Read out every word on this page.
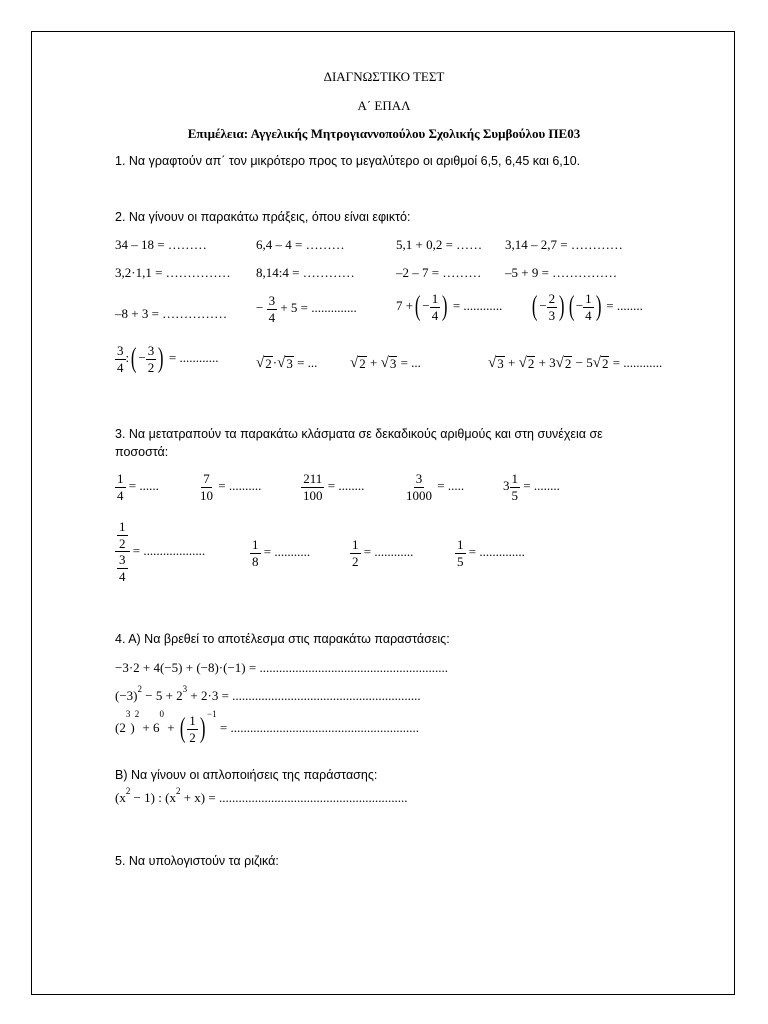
ΔΙΑΓΝΩΣΤΙΚΟ ΤΕΣΤ
Α΄ ΕΠΑΛ
Επιμέλεια: Αγγελικής Μητρογιαννοπούλου Σχολικής Συμβούλου ΠΕ03
1. Να γραφτούν απ΄ τον μικρότερο προς το μεγαλύτερο οι αριθμοί 6,5, 6,45 και 6,10.
2. Να γίνουν οι παρακάτω πράξεις, όπου είναι εφικτό:
34 – 18 = ………	6,4 – 4 = ………	5,1 + 0,2 = …… 3,14 – 2,7 = …………
3,2·1,1 = …………… 8,14:4 = …………	–2 – 7 = ……… –5 + 9 = ……………
–8 + 3 = …………… − $\frac{3}{4} + 5$ = ..............	7 +( − $\frac{1}{4}$ ) = ............ ( − $\frac{2}{3}$ ) ( − $\frac{1}{4}$ ) = ........
$\frac{3}{4}$ :( − $\frac{3}{2}$ ) = ............	√ 2 · √ 3 = ... √ 2 + √ 3 = ...	√ 3 + √ 2 + 3 √ 2 − 5 √ 2 = ............
3. Να μετατραπούν τα παρακάτω κλάσματα σε δεκαδικούς αριθμούς και στη συνέχεια σε
ποσοστά:
$\frac{1}{4}$ = ......	$\frac{7}{10}$ = ..........	$\frac{211}{100}$ = ........	$\frac{3}{1000}$ = .....	$3 \frac{1}{5}$ = ........
$\frac{\frac{1}{2}}{\frac{3}{4}}$ = ...................	$\frac{1}{8}$ = ...........	$\frac{1}{2}$ = ............	$\frac{1}{5}$ = ..............
4. Α) Να βρεθεί το αποτέλεσμα στις παρακάτω παραστάσεις:
−3·2 + 4(−5) + (−8)·(−1) = ..........................................................
$(-3)^2 - 5 + 2^3 + 2\cdot 3$ = ..........................................................
$(2^3)^2 + 6^0$ + ( $\frac{1}{2}$ ) $^{-1}$ = ..........................................................
Β) Να γίνουν οι απλοποιήσεις της παράστασης:
$(x^2 - 1)$ : $(x^2 + x)$ = ..........................................................
5. Να υπολογιστούν τα ριζικά:
